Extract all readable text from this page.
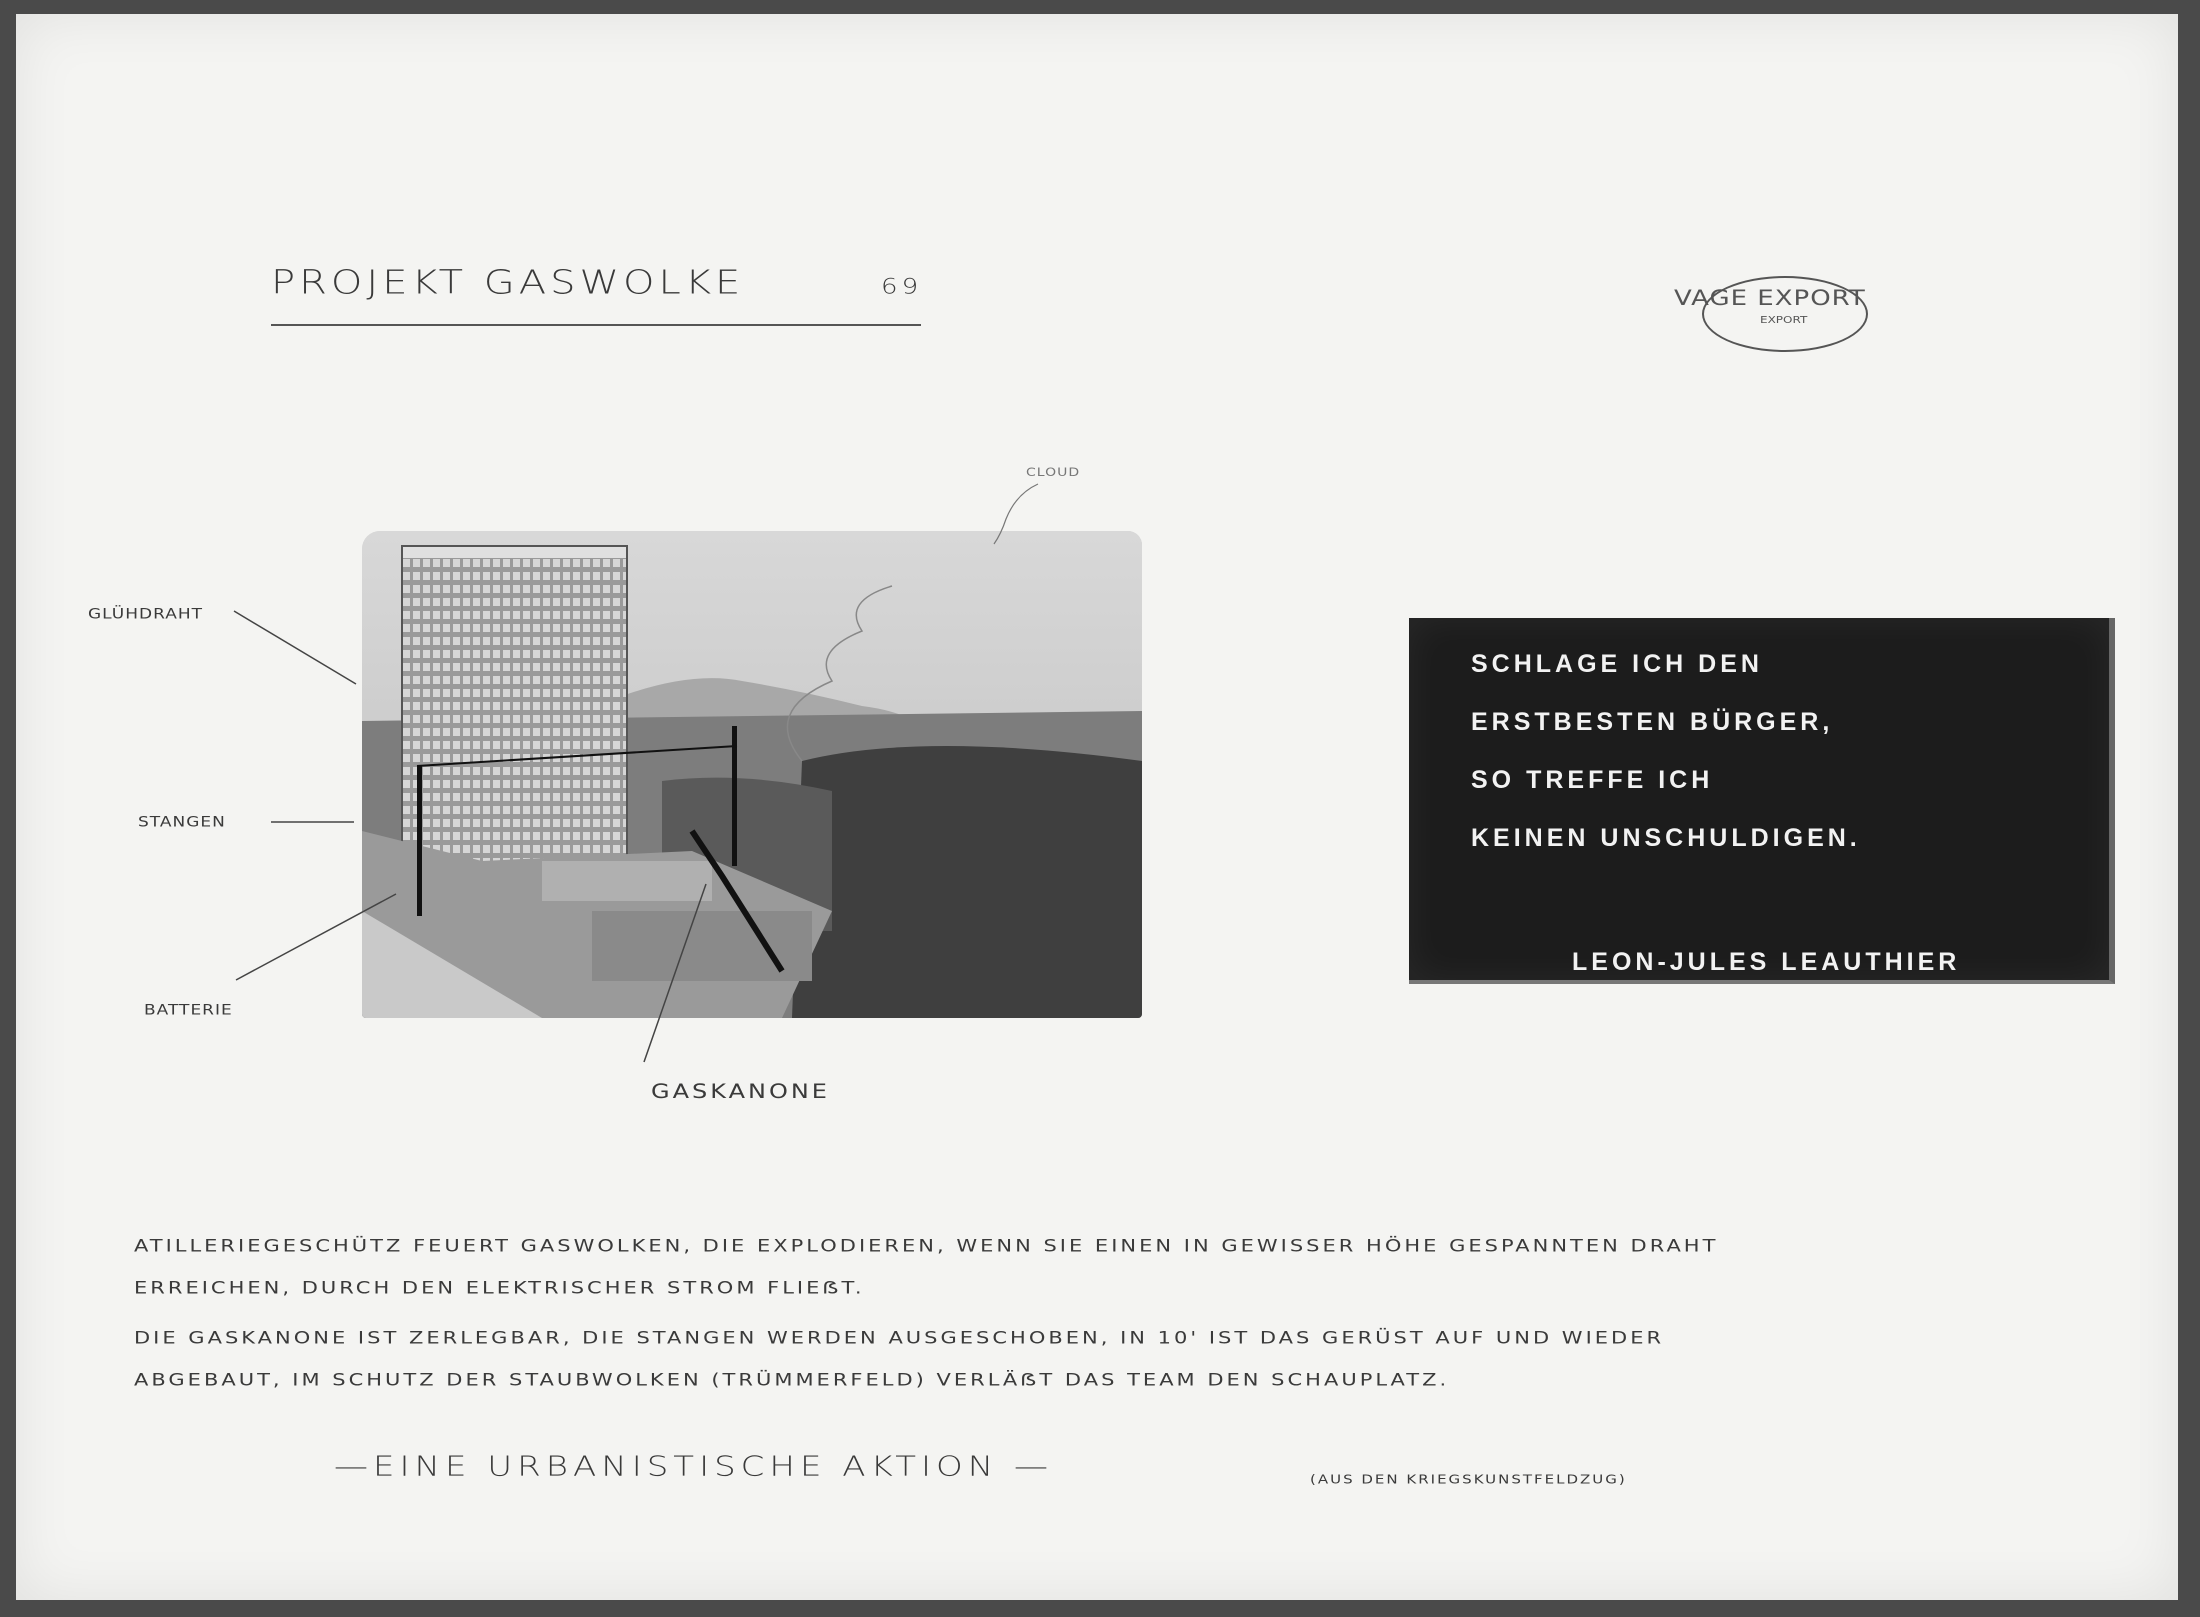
PROJEKT GASWOLKE	69	VAGE EXPORT
EXPORT
CLOUD
GLÜHDRAHT
STANGEN
BATTERIE
GASKANONE
SCHLAGE ICH DEN
ERSTBESTEN BÜRGER,
SO TREFFE ICH
KEINEN UNSCHULDIGEN.
LEON-JULES LEAUTHIER
ATILLERIEGESCHÜTZ FEUERT GASWOLKEN, DIE EXPLODIEREN, WENN SIE EINEN IN GEWISSER HÖHE GESPANNTEN DRAHT
ERREICHEN, DURCH DEN ELEKTRISCHER STROM FLIEẞT.
DIE GASKANONE IST ZERLEGBAR, DIE STANGEN WERDEN AUSGESCHOBEN, IN 10' IST DAS GERÜST AUF UND WIEDER
ABGEBAUT, IM SCHUTZ DER STAUBWOLKEN (TRÜMMERFELD) VERLÄẞT DAS TEAM DEN SCHAUPLATZ.
—EINE URBANISTISCHE AKTION —	(AUS DEN KRIEGSKUNSTFELDZUG)
